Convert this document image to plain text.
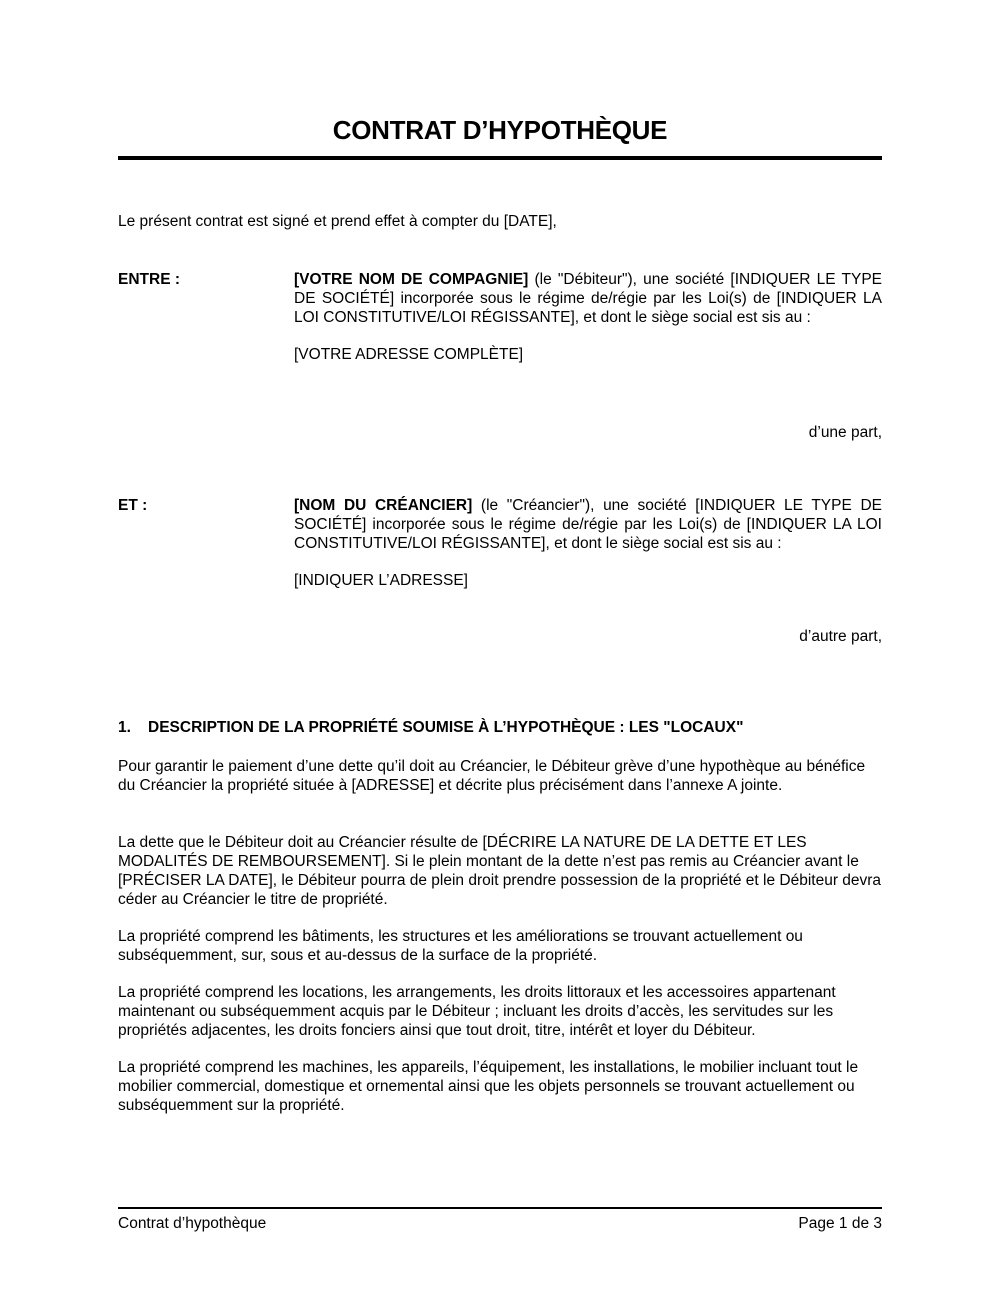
CONTRAT D’HYPOTHÈQUE
Le présent contrat est signé et prend effet à compter du [DATE],
ENTRE :	[VOTRE NOM DE COMPAGNIE] (le "Débiteur"), une société [INDIQUER LE TYPE DE SOCIÉTÉ] incorporée sous le régime de/régie par les Loi(s) de [INDIQUER LA LOI CONSTITUTIVE/LOI RÉGISSANTE], et dont le siège social est sis au :
[VOTRE ADRESSE COMPLÈTE]
d’une part,
ET :	[NOM DU CRÉANCIER] (le "Créancier"), une société [INDIQUER LE TYPE DE SOCIÉTÉ] incorporée sous le régime de/régie par les Loi(s) de [INDIQUER LA LOI CONSTITUTIVE/LOI RÉGISSANTE], et dont le siège social est sis au :
[INDIQUER L’ADRESSE]
d’autre part,
1. DESCRIPTION DE LA PROPRIÉTÉ SOUMISE À L’HYPOTHÈQUE : LES "LOCAUX"
Pour garantir le paiement d’une dette qu’il doit au Créancier, le Débiteur grève d’une hypothèque au bénéfice du Créancier la propriété située à [ADRESSE] et décrite plus précisément dans l’annexe A jointe.
La dette que le Débiteur doit au Créancier résulte de [DÉCRIRE LA NATURE DE LA DETTE ET LES MODALITÉS DE REMBOURSEMENT]. Si le plein montant de la dette n’est pas remis au Créancier avant le [PRÉCISER LA DATE], le Débiteur pourra de plein droit prendre possession de la propriété et le Débiteur devra céder au Créancier le titre de propriété.
La propriété comprend les bâtiments, les structures et les améliorations se trouvant actuellement ou subséquemment, sur, sous et au-dessus de la surface de la propriété.
La propriété comprend les locations, les arrangements, les droits littoraux et les accessoires appartenant maintenant ou subséquemment acquis par le Débiteur ; incluant les droits d’accès, les servitudes sur les propriétés adjacentes, les droits fonciers ainsi que tout droit, titre, intérêt et loyer du Débiteur.
La propriété comprend les machines, les appareils, l’équipement, les installations, le mobilier incluant tout le mobilier commercial, domestique et ornemental ainsi que les objets personnels se trouvant actuellement ou subséquemment sur la propriété.
Contrat d’hypothèque	Page 1 de 3
